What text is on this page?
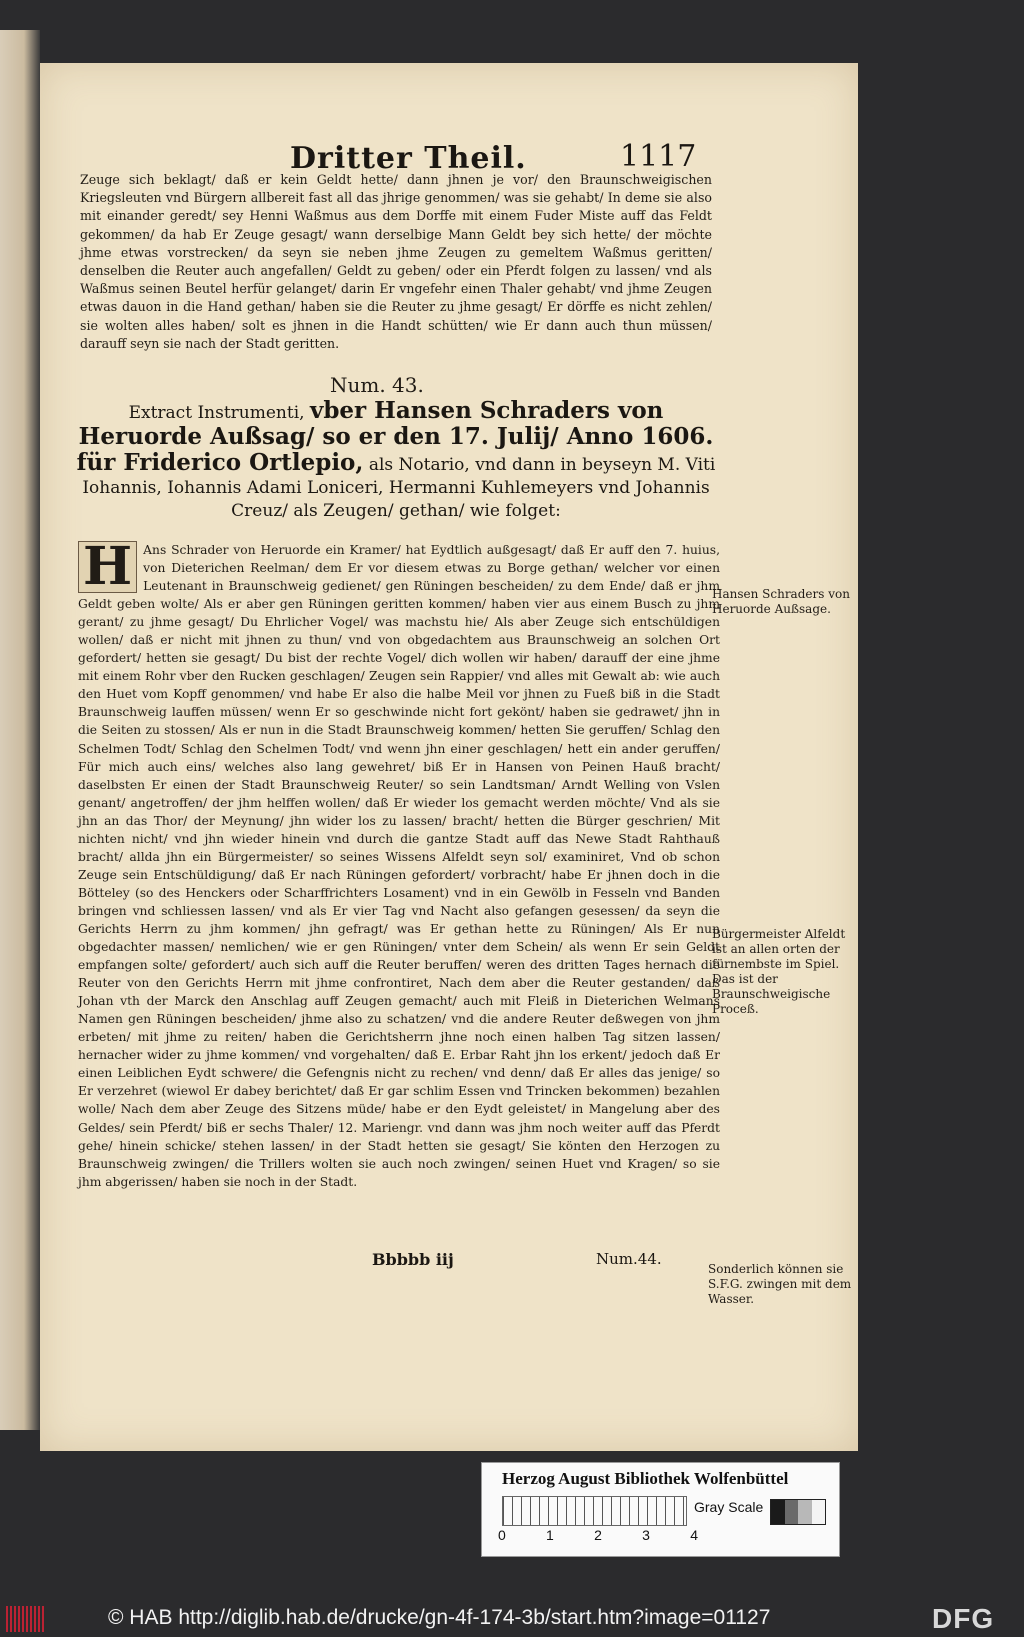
Dritter Theil.	1117

Zeuge sich beklagt/ daß er kein Geldt hette/ dann jhnen je vor/ den Braunschweigischen Kriegsleuten vnd Bürgern allbereit fast all das jhrige genommen/ was sie gehabt/ In deme sie also mit einander geredt/ sey Henni Waßmus aus dem Dorffe mit einem Fuder Miste auff das Feldt gekommen/ da hab Er Zeuge gesagt/ wann derselbige Mann Geldt bey sich hette/ der möchte jhme etwas vorstrecken/ da seyn sie neben jhme Zeugen zu gemeltem Waßmus geritten/ denselben die Reuter auch angefallen/ Geldt zu geben/ oder ein Pferdt folgen zu lassen/ vnd als Waßmus seinen Beutel herfür gelanget/ darin Er vngefehr einen Thaler gehabt/ vnd jhme Zeugen etwas dauon in die Hand gethan/ haben sie die Reuter zu jhme gesagt/ Er dörffe es nicht zehlen/ sie wolten alles haben/ solt es jhnen in die Handt schütten/ wie Er dann auch thun müssen/ darauff seyn sie nach der Stadt geritten.

Num. 43.
Extract Instrumenti, vber Hansen Schraders von Heruorde Außsag/ so er den 17. Julij/ Anno 1606. für Friderico Ortlepio, als Notario, vnd dann in beyseyn M. Viti Iohannis, Iohannis Adami Loniceri, Hermanni Kuhlemeyers vnd Johannis Creuz/ als Zeugen/ gethan/ wie folget:
H Ans Schrader von Heruorde ein Kramer/ hat Eydtlich außgesagt/ daß Er auff den 7. huius, von Dieterichen Reelman/ dem Er vor diesem etwas zu Borge gethan/ welcher vor einen Leutenant in Braunschweig gedienet/ gen Rüningen bescheiden/ zu dem Ende/ daß er jhm Geldt geben wolte/ Als er aber gen Rüningen geritten kommen/ haben vier aus einem Busch zu jhm gerant/ zu jhme gesagt/ Du Ehrlicher Vogel/ was machstu hie/ Als aber Zeuge sich entschüldigen wollen/ daß er nicht mit jhnen zu thun/ vnd von obgedachtem aus Braunschweig an solchen Ort gefordert/ hetten sie gesagt/ Du bist der rechte Vogel/ dich wollen wir haben/ darauff der eine jhme mit einem Rohr vber den Rucken geschlagen/ Zeugen sein Rappier/ vnd alles mit Gewalt ab: wie auch den Huet vom Kopff genommen/ vnd habe Er also die halbe Meil vor jhnen zu Fueß biß in die Stadt Braunschweig lauffen müssen/ wenn Er so geschwinde nicht fort gekönt/ haben sie gedrawet/ jhn in die Seiten zu stossen/ Als er nun in die Stadt Braunschweig kommen/ hetten Sie geruffen/ Schlag den Schelmen Todt/ Schlag den Schelmen Todt/ vnd wenn jhn einer geschlagen/ hett ein ander geruffen/ Für mich auch eins/ welches also lang gewehret/ biß Er in Hansen von Peinen Hauß bracht/ daselbsten Er einen der Stadt Braunschweig Reuter/ so sein Landtsman/ Arndt Welling von Vslen genant/ angetroffen/ der jhm helffen wollen/ daß Er wieder los gemacht werden möchte/ Vnd als sie jhn an das Thor/ der Meynung/ jhn wider los zu lassen/ bracht/ hetten die Bürger geschrien/ Mit nichten nicht/ vnd jhn wieder hinein vnd durch die gantze Stadt auff das Newe Stadt Rahthauß bracht/ allda jhn ein Bürgermeister/ so seines Wissens Alfeldt seyn sol/ examiniret, Vnd ob schon Zeuge sein Entschüldigung/ daß Er nach Rüningen gefordert/ vorbracht/ habe Er jhnen doch in die Bötteley (so des Henckers oder Scharffrichters Losament) vnd in ein Gewölb in Fesseln vnd Banden bringen vnd schliessen lassen/ vnd als Er vier Tag vnd Nacht also gefangen gesessen/ da seyn die Gerichts Herrn zu jhm kommen/ jhn gefragt/ was Er gethan hette zu Rüningen/ Als Er nun obgedachter massen/ nemlichen/ wie er gen Rüningen/ vnter dem Schein/ als wenn Er sein Geldt empfangen solte/ gefordert/ auch sich auff die Reuter beruffen/ weren des dritten Tages hernach die Reuter von den Gerichts Herrn mit jhme confrontiret, Nach dem aber die Reuter gestanden/ daß Johan vth der Marck den Anschlag auff Zeugen gemacht/ auch mit Fleiß in Dieterichen Welmans Namen gen Rüningen bescheiden/ jhme also zu schatzen/ vnd die andere Reuter deßwegen von jhm erbeten/ mit jhme zu reiten/ haben die Gerichtsherrn jhne noch einen halben Tag sitzen lassen/ hernacher wider zu jhme kommen/ vnd vorgehalten/ daß E. Erbar Raht jhn los erkent/ jedoch daß Er einen Leiblichen Eydt schwere/ die Gefengnis nicht zu rechen/ vnd denn/ daß Er alles das jenige/ so Er verzehret (wiewol Er dabey berichtet/ daß Er gar schlim Essen vnd Trincken bekommen) bezahlen wolle/ Nach dem aber Zeuge des Sitzens müde/ habe er den Eydt geleistet/ in Mangelung aber des Geldes/ sein Pferdt/ biß er sechs Thaler/ 12. Mariengr. vnd dann was jhm noch weiter auff das Pferdt gehe/ hinein schicke/ stehen lassen/ in der Stadt hetten sie gesagt/ Sie könten den Herzogen zu Braunschweig zwingen/ die Trillers wolten sie auch noch zwingen/ seinen Huet vnd Kragen/ so sie jhm abgerissen/ haben sie noch in der Stadt.
Hansen Schraders von Heruorde Außsage.
Bürgermeister Alfeldt ist an allen orten der fürnembste im Spiel. Das ist der Braunschweigische Proceß.
Sonderlich können sie S.F.G. zwingen mit dem Wasser.
Bbbbb iij	Num.44.
Herzog August Bibliothek Wolfenbüttel
0	1	2	3	4
Gray Scale
© HAB http://diglib.hab.de/drucke/gn-4f-174-3b/start.htm?image=01127	DFG
